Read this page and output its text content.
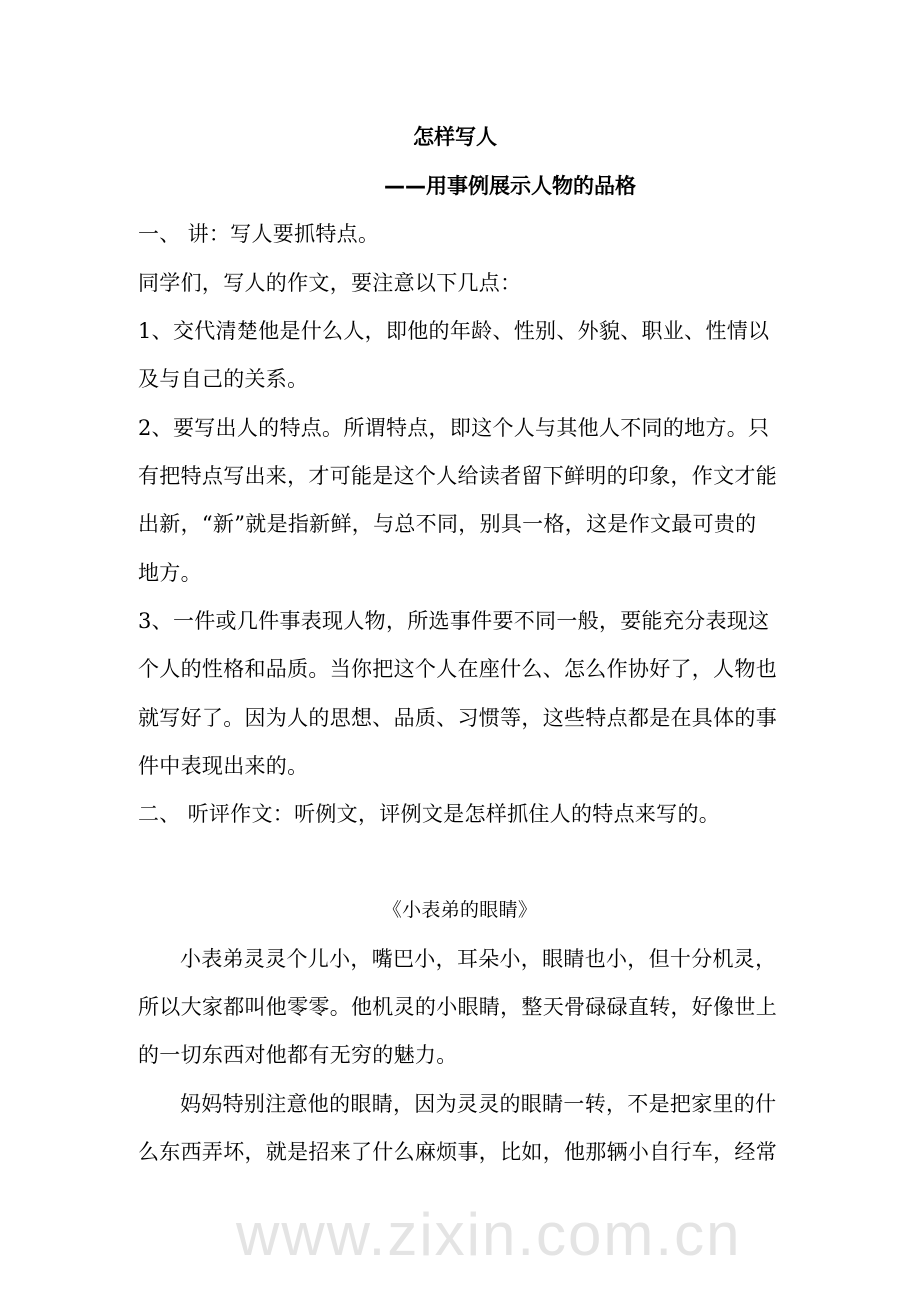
怎样写人
——用事例展示人物的品格
一、 讲：写人要抓特点。
同学们，写人的作文，要注意以下几点：
1、交代清楚他是什么人，即他的年龄、性别、外貌、职业、性情以
及与自己的关系。
2、要写出人的特点。所谓特点，即这个人与其他人不同的地方。只
有把特点写出来，才可能是这个人给读者留下鲜明的印象，作文才能
出新，“新”就是指新鲜，与总不同，别具一格，这是作文最可贵的
地方。
3、一件或几件事表现人物，所选事件要不同一般，要能充分表现这
个人的性格和品质。当你把这个人在座什么、怎么作协好了，人物也
就写好了。因为人的思想、品质、习惯等，这些特点都是在具体的事
件中表现出来的。
二、 听评作文：听例文，评例文是怎样抓住人的特点来写的。
《小表弟的眼睛》
小表弟灵灵个儿小，嘴巴小，耳朵小，眼睛也小，但十分机灵，
所以大家都叫他零零。他机灵的小眼睛，整天骨碌碌直转，好像世上
的一切东西对他都有无穷的魅力。
妈妈特别注意他的眼睛，因为灵灵的眼睛一转，不是把家里的什
么东西弄坏，就是招来了什么麻烦事，比如，他那辆小自行车，经常
www.zixin.com.cn
